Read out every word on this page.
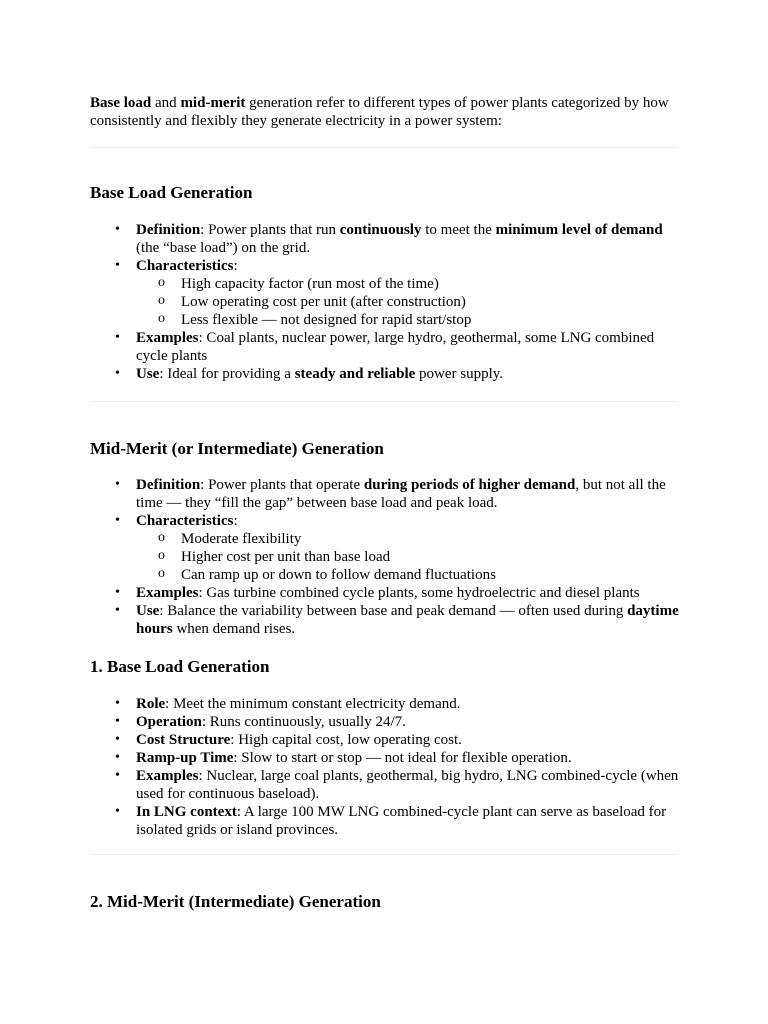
Base load and mid-merit generation refer to different types of power plants categorized by how consistently and flexibly they generate electricity in a power system:

Base Load Generation
• Definition: Power plants that run continuously to meet the minimum level of demand (the “base load”) on the grid.
• Characteristics:
o High capacity factor (run most of the time)
o Low operating cost per unit (after construction)
o Less flexible — not designed for rapid start/stop
• Examples: Coal plants, nuclear power, large hydro, geothermal, some LNG combined cycle plants
• Use: Ideal for providing a steady and reliable power supply.
Mid-Merit (or Intermediate) Generation
• Definition: Power plants that operate during periods of higher demand, but not all the time — they “fill the gap” between base load and peak load.
• Characteristics:
o Moderate flexibility
o Higher cost per unit than base load
o Can ramp up or down to follow demand fluctuations
• Examples: Gas turbine combined cycle plants, some hydroelectric and diesel plants
• Use: Balance the variability between base and peak demand — often used during daytime hours when demand rises.
1. Base Load Generation
• Role: Meet the minimum constant electricity demand.
• Operation: Runs continuously, usually 24/7.
• Cost Structure: High capital cost, low operating cost.
• Ramp-up Time: Slow to start or stop — not ideal for flexible operation.
• Examples: Nuclear, large coal plants, geothermal, big hydro, LNG combined-cycle (when used for continuous baseload).
• In LNG context: A large 100 MW LNG combined-cycle plant can serve as baseload for isolated grids or island provinces.
2. Mid-Merit (Intermediate) Generation
